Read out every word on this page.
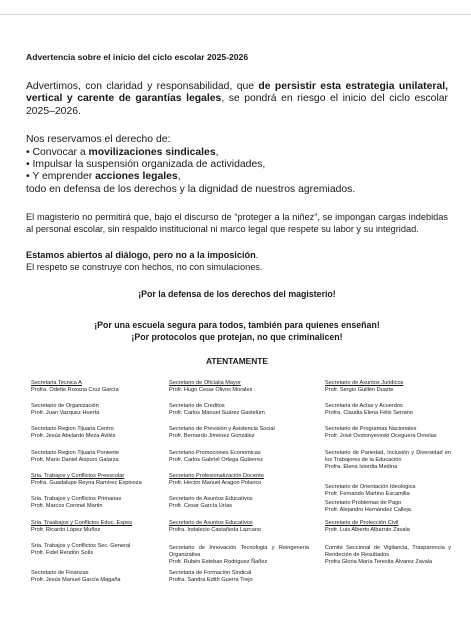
Advertencia sobre el inicio del ciclo escolar 2025-2026

Advertimos, con claridad y responsabilidad, que de persistir esta estrategia unilateral, vertical y carente de garantías legales, se pondrá en riesgo el inicio del ciclo escolar 2025–2026.

Nos reservamos el derecho de:
• Convocar a movilizaciones sindicales,
• Impulsar la suspensión organizada de actividades,
• Y emprender acciones legales,
todo en defensa de los derechos y la dignidad de nuestros agremiados.

El magisterio no permitirá que, bajo el discurso de “proteger a la niñez”, se impongan cargas indebidas al personal escolar, sin respaldo institucional ni marco legal que respete su labor y su integridad.

Estamos abiertos al diálogo, pero no a la imposición.
El respeto se construye con hechos, no con simulaciones.
¡Por la defensa de los derechos del magisterio!
¡Por una escuela segura para todos, también para quienes enseñan!
¡Por protocolos que protejan, no que criminalicen!
ATENTAMENTE
Secretaria Tecnica A
Profra. Odette Roxana Cruz García
Secretario de Organización
Profr. Juan Vazquez Huerta
Secretario Region Tijuana Centro
Profr. Jesús Abelardo Meza Avilés
Secretario Region Tijuana Poniente
Profr. Mario Daniel Aispuro Galarza
Sria. Trabajos y Conflictos Preescolar
Profra. Guadalupe Reyna Ramírez Espinoza
Sria. Trabajos y Conflictos Primarias
Profr. Marcos Coronel Martin
Sria. Traabajos y Conflictos Educ. Espes
Profr. Ricardo López Muñoz
Sria. Trabajos y Conflictos Sec. General
Profr. Fidel Rendón Solís
Secretario de Finanzas
Profr. Jesús Manuel García Magaña
Secretario de Oficialia Mayor
Profr. Hugo Cesar Olivos Morales
Secretario de Creditos
Profr. Carlos Manuel Suárez Gastelúm
Secretario de Previsión y Asistencia Social
Profr. Bernardo Jiménez González
Secretario Promociones Economicas
Profr. Carlos Gabriel Ortega Gutierrez
Secretario Profesionalización Docente
Profr. Hector Manuel Aragon Polanco
Secretario de Asuntos Educativos
Profr. Cesar García Urías
Secretario de Asuntos Educativos
Profra. Indalecio Castañeda Lazcano
Secretario de Innovación Tecnologia y Reingeneria Organizativa
Profr. Rubén Esteban Rodriguez Ñañez
Secretaria de Formación Sindical
Profra. Sandra Edith Guerra Trejo
Secretario de Asuntos Juridicos
Profr. Sergio Guillén Duarte
Secretaria de Actas y Acuerdos
Profra. Claudia Elena Félix Serrano
Secretario de Programas Nacionales
Profr. José Ovstonyevsvki Oceguera Ornelas
Secretario de Pariedad, Inclusión y Diversidad en los Trabajores de la Educación
Profra. Elena Isiordia Medina
Secretario de Orientación Ideologica
Profr. Fernando Martino Escamilla
Secretario Problemas de Pago
Profr. Alejandro Hernández Calleja
Secretario de Protección Civil
Profr. Luis Alberto Albarrán Zavala
Comité Seccional de Vigilancia, Trasparencia y Rendeción de Resultados
Profra Gloria María Teresita Álvarez Zavala
